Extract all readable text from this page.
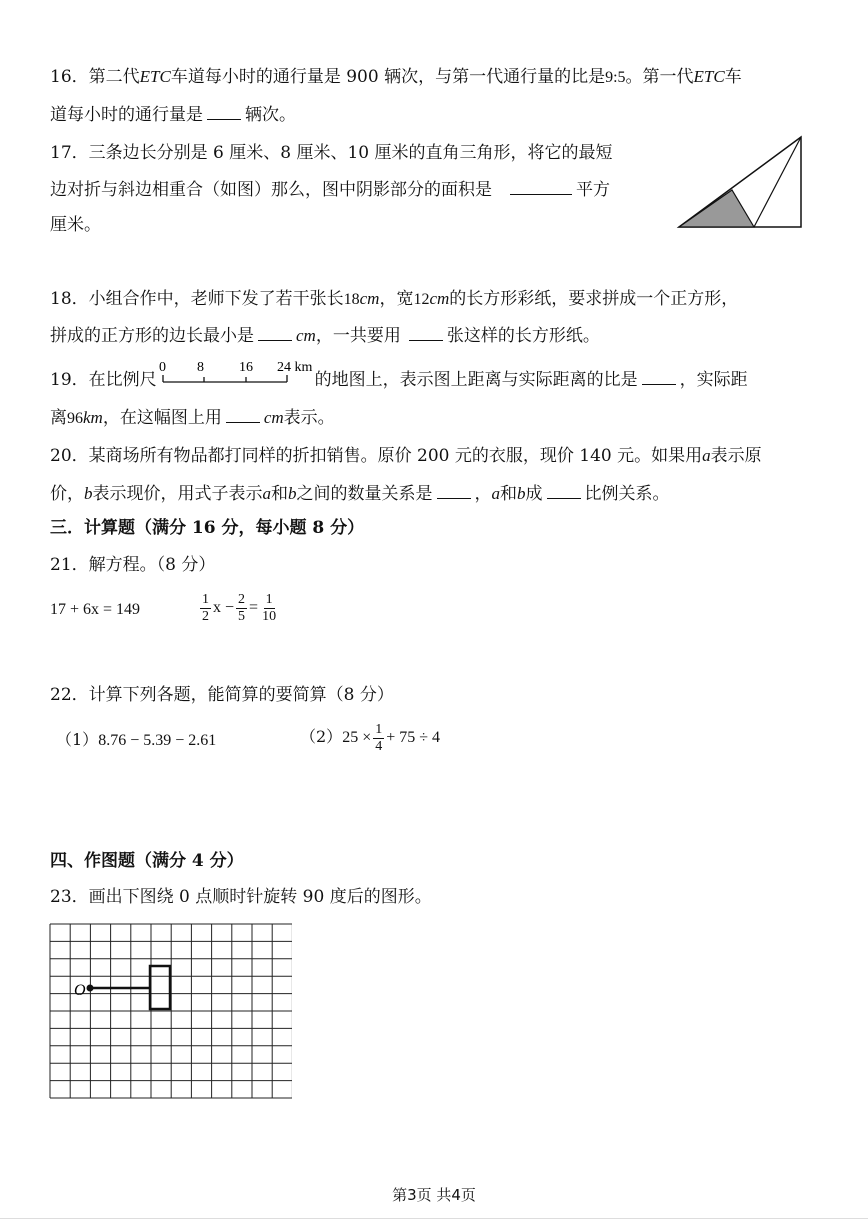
16．第二代ETC车道每小时的通行量是 900 辆次，与第一代通行量的比是9:5。第一代ETC车
道每小时的通行量是 辆次。
17．三条边长分别是 6 厘米、8 厘米、10 厘米的直角三角形，将它的最短
边对折与斜边相重合（如图）那么，图中阴影部分的面积是	平方
厘米。
18．小组合作中，老师下发了若干张长18cm，宽12cm的长方形彩纸，要求拼成一个正方形，
拼成的正方形的边长最小是 cm，一共要用	张这样的长方形纸。
19．在比例尺
0 8	16 24 km
的地图上，表示图上距离与实际距离的比是 ，实际距
离96km，在这幅图上用 cm表示。
20．某商场所有物品都打同样的折扣销售。原价 200 元的衣服，现价 140 元。如果用a表示原
价，b表示现价，用式子表示a和b之间的数量关系是 ，a和b成 比例关系。
三．计算题（满分 16 分，每小题 8 分）
21．解方程。（8 分）
17 + 6x = 149	$\frac{1}{2}$ $x - \frac{2}{5} = \frac{1}{10}$
22．计算下列各题，能简算的要简算（8 分）
（1）8.76 − 5.39 − 2.61	$(2)25 \times \frac{1}{4} + 75 \div 4$
四、作图题（满分 4 分）
23．画出下图绕 0 点顺时针旋转 90 度后的图形。
O
第3页 共4页
